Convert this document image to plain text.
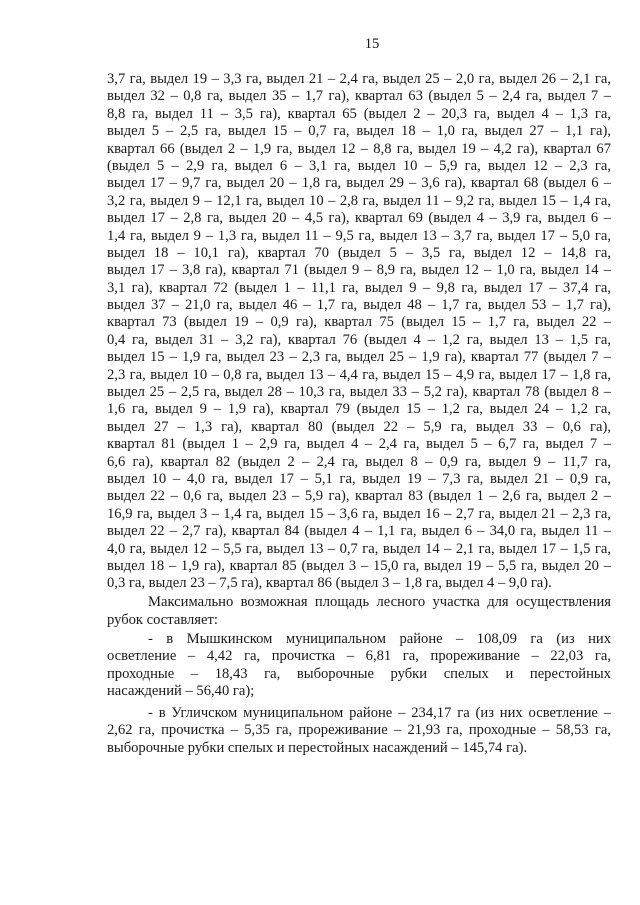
15
3,7 га, выдел 19 – 3,3 га, выдел 21 – 2,4 га, выдел 25 – 2,0 га, выдел 26 – 2,1 га,
выдел 32 – 0,8 га, выдел 35 – 1,7 га), квартал 63 (выдел 5 – 2,4 га, выдел 7 –
8,8 га, выдел 11 – 3,5 га), квартал 65 (выдел 2 – 20,3 га, выдел 4 – 1,3 га,
выдел 5 – 2,5 га, выдел 15 – 0,7 га, выдел 18 – 1,0 га, выдел 27 – 1,1 га),
квартал 66 (выдел 2 – 1,9 га, выдел 12 – 8,8 га, выдел 19 – 4,2 га), квартал 67
(выдел 5 – 2,9 га, выдел 6 – 3,1 га, выдел 10 – 5,9 га, выдел 12 – 2,3 га,
выдел 17 – 9,7 га, выдел 20 – 1,8 га, выдел 29 – 3,6 га), квартал 68 (выдел 6 –
3,2 га, выдел 9 – 12,1 га, выдел 10 – 2,8 га, выдел 11 – 9,2 га, выдел 15 – 1,4 га,
выдел 17 – 2,8 га, выдел 20 – 4,5 га), квартал 69 (выдел 4 – 3,9 га, выдел 6 –
1,4 га, выдел 9 – 1,3 га, выдел 11 – 9,5 га, выдел 13 – 3,7 га, выдел 17 – 5,0 га,
выдел 18 – 10,1 га), квартал 70 (выдел 5 – 3,5 га, выдел 12 – 14,8 га,
выдел 17 – 3,8 га), квартал 71 (выдел 9 – 8,9 га, выдел 12 – 1,0 га, выдел 14 –
3,1 га), квартал 72 (выдел 1 – 11,1 га, выдел 9 – 9,8 га, выдел 17 – 37,4 га,
выдел 37 – 21,0 га, выдел 46 – 1,7 га, выдел 48 – 1,7 га, выдел 53 – 1,7 га),
квартал 73 (выдел 19 – 0,9 га), квартал 75 (выдел 15 – 1,7 га, выдел 22 –
0,4 га, выдел 31 – 3,2 га), квартал 76 (выдел 4 – 1,2 га, выдел 13 – 1,5 га,
выдел 15 – 1,9 га, выдел 23 – 2,3 га, выдел 25 – 1,9 га), квартал 77 (выдел 7 –
2,3 га, выдел 10 – 0,8 га, выдел 13 – 4,4 га, выдел 15 – 4,9 га, выдел 17 – 1,8 га,
выдел 25 – 2,5 га, выдел 28 – 10,3 га, выдел 33 – 5,2 га), квартал 78 (выдел 8 –
1,6 га, выдел 9 – 1,9 га), квартал 79 (выдел 15 – 1,2 га, выдел 24 – 1,2 га,
выдел 27 – 1,3 га), квартал 80 (выдел 22 – 5,9 га, выдел 33 – 0,6 га),
квартал 81 (выдел 1 – 2,9 га, выдел 4 – 2,4 га, выдел 5 – 6,7 га, выдел 7 –
6,6 га), квартал 82 (выдел 2 – 2,4 га, выдел 8 – 0,9 га, выдел 9 – 11,7 га,
выдел 10 – 4,0 га, выдел 17 – 5,1 га, выдел 19 – 7,3 га, выдел 21 – 0,9 га,
выдел 22 – 0,6 га, выдел 23 – 5,9 га), квартал 83 (выдел 1 – 2,6 га, выдел 2 –
16,9 га, выдел 3 – 1,4 га, выдел 15 – 3,6 га, выдел 16 – 2,7 га, выдел 21 – 2,3 га,
выдел 22 – 2,7 га), квартал 84 (выдел 4 – 1,1 га, выдел 6 – 34,0 га, выдел 11 –
4,0 га, выдел 12 – 5,5 га, выдел 13 – 0,7 га, выдел 14 – 2,1 га, выдел 17 – 1,5 га,
выдел 18 – 1,9 га), квартал 85 (выдел 3 – 15,0 га, выдел 19 – 5,5 га, выдел 20 –
0,3 га, выдел 23 – 7,5 га), квартал 86 (выдел 3 – 1,8 га, выдел 4 – 9,0 га).
Максимально возможная площадь лесного участка для осуществления
рубок составляет:
- в Мышкинском муниципальном районе – 108,09 га (из них
осветление – 4,42 га, прочистка – 6,81 га, прореживание – 22,03 га,
проходные – 18,43 га, выборочные рубки спелых и перестойных
насаждений – 56,40 га);
- в Угличском муниципальном районе – 234,17 га (из них осветление –
2,62 га, прочистка – 5,35 га, прореживание – 21,93 га, проходные – 58,53 га,
выборочные рубки спелых и перестойных насаждений – 145,74 га).
